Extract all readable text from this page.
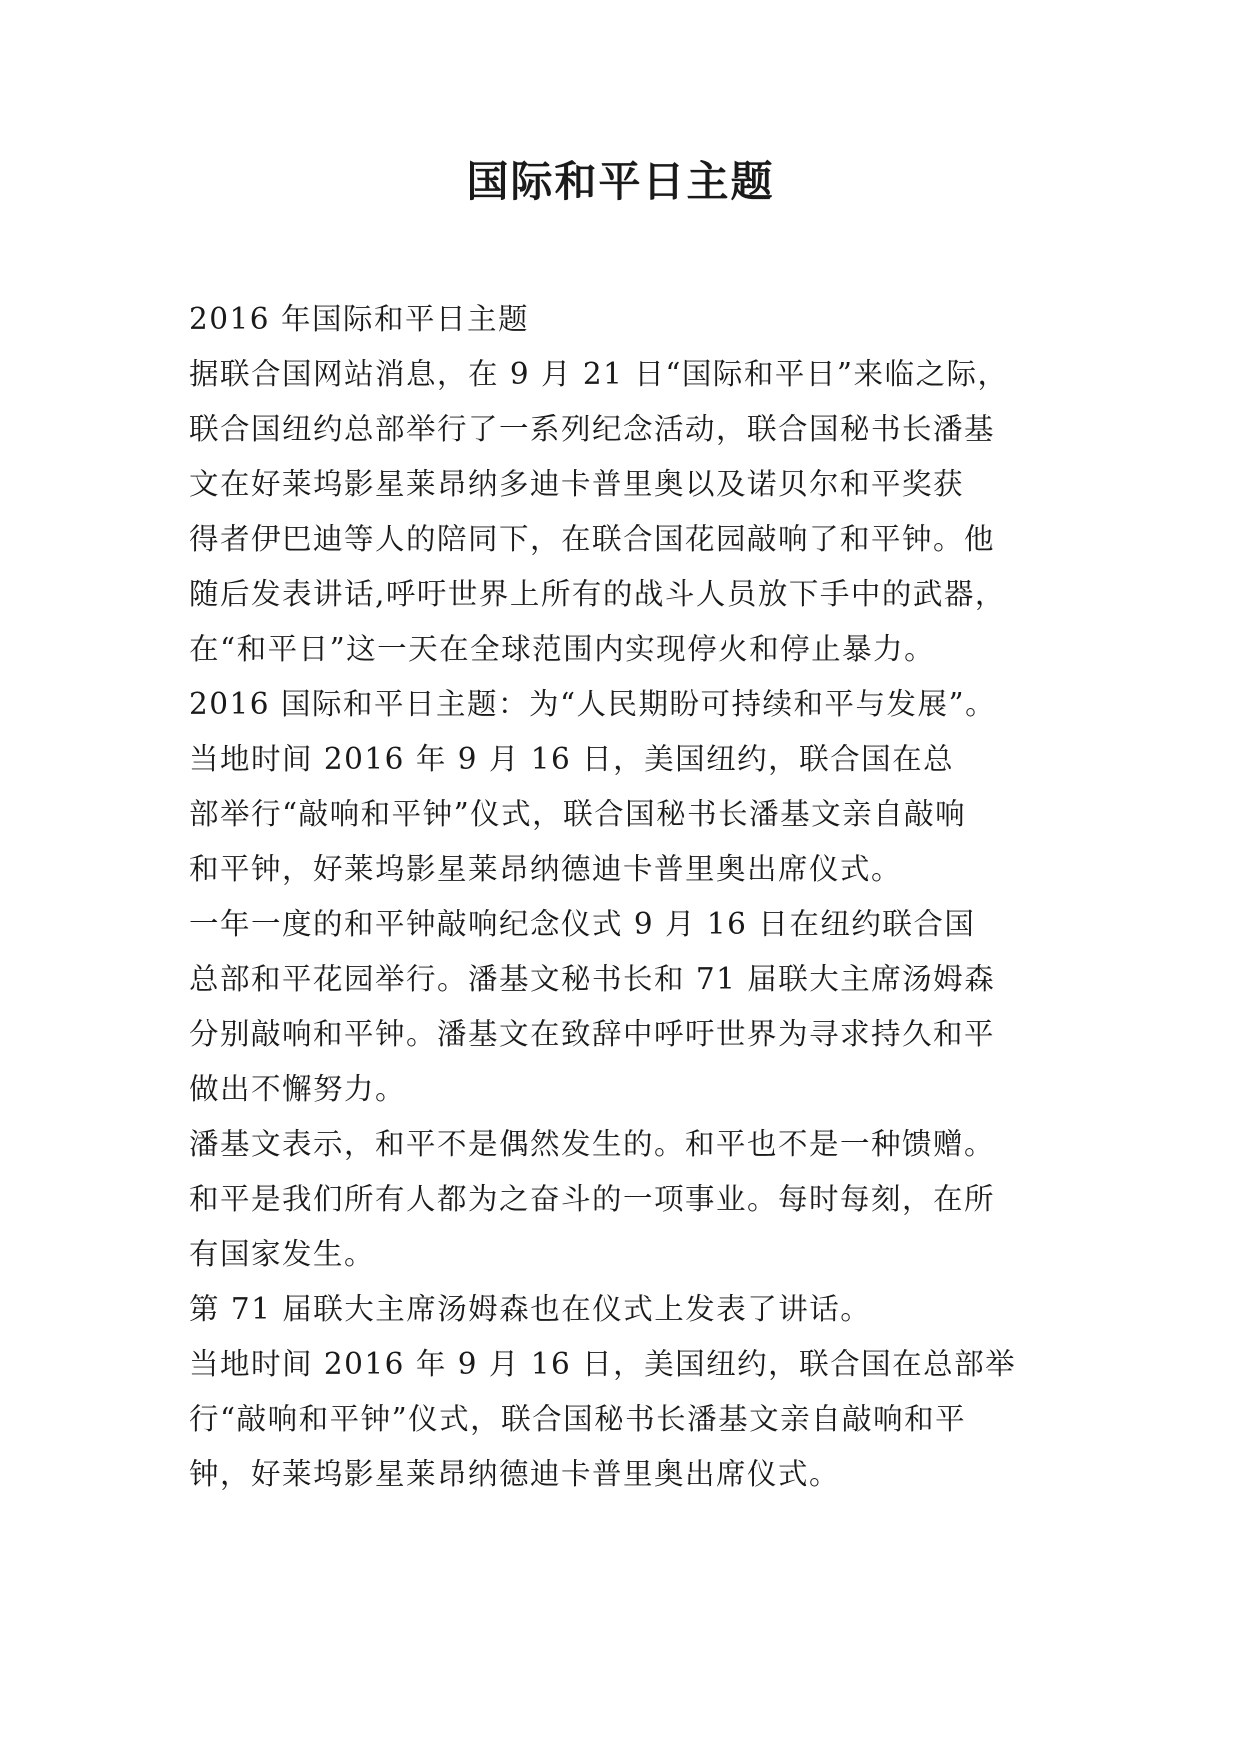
国际和平日主题

2016 年国际和平日主题

据联合国网站消息，在 9 月 21 日“国际和平日”来临之际，

联合国纽约总部举行了一系列纪念活动，联合国秘书长潘基

文在好莱坞影星莱昂纳多迪卡普里奥以及诺贝尔和平奖获

得者伊巴迪等人的陪同下，在联合国花园敲响了和平钟。他

随后发表讲话,呼吁世界上所有的战斗人员放下手中的武器，

在“和平日”这一天在全球范围内实现停火和停止暴力。

2016 国际和平日主题：为“人民期盼可持续和平与发展”。

当地时间 2016 年 9 月 16 日，美国纽约，联合国在总

部举行“敲响和平钟”仪式，联合国秘书长潘基文亲自敲响

和平钟，好莱坞影星莱昂纳德迪卡普里奥出席仪式。

一年一度的和平钟敲响纪念仪式 9 月 16 日在纽约联合国

总部和平花园举行。潘基文秘书长和 71 届联大主席汤姆森

分别敲响和平钟。潘基文在致辞中呼吁世界为寻求持久和平

做出不懈努力。

潘基文表示，和平不是偶然发生的。和平也不是一种馈赠。

和平是我们所有人都为之奋斗的一项事业。每时每刻，在所

有国家发生。

第 71 届联大主席汤姆森也在仪式上发表了讲话。

当地时间 2016 年 9 月 16 日，美国纽约，联合国在总部举

行“敲响和平钟”仪式，联合国秘书长潘基文亲自敲响和平

钟，好莱坞影星莱昂纳德迪卡普里奥出席仪式。
